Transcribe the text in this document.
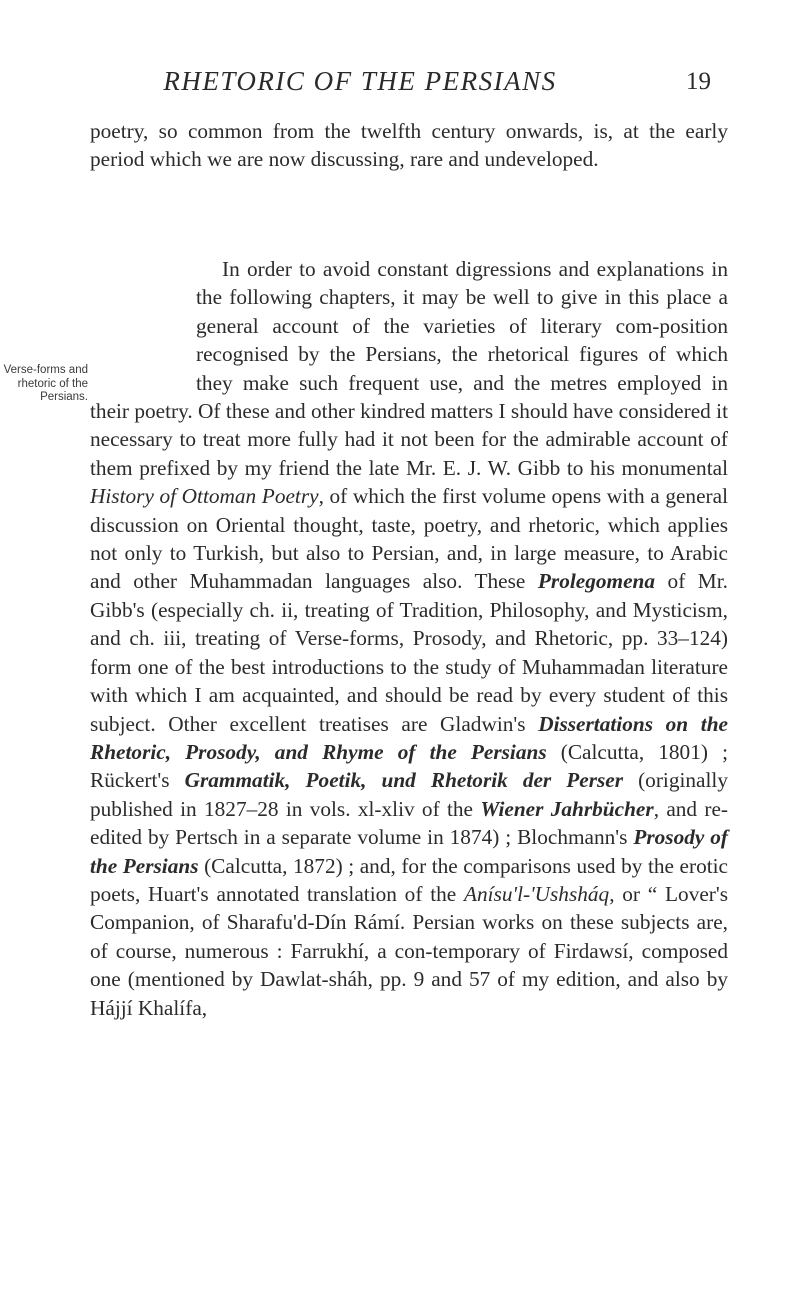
RHETORIC OF THE PERSIANS	19
Verse-forms and
rhetoric of the
Persians.

poetry, so common from the twelfth century onwards, is, at the early period which we are now discussing, rare and undeveloped.

In order to avoid constant digressions and explanations in the following chapters, it may be well to give in this place a general account of the varieties of literary com-position recognised by the Persians, the rhetorical figures of which they make such frequent use, and the metres employed in their poetry. Of these and other kindred matters I should have considered it necessary to treat more fully had it not been for the admirable account of them prefixed by my friend the late Mr. E. J. W. Gibb to his monumental History of Ottoman Poetry, of which the first volume opens with a general discussion on Oriental thought, taste, poetry, and rhetoric, which applies not only to Turkish, but also to Persian, and, in large measure, to Arabic and other Muhammadan languages also. These Prolegomena of Mr. Gibb's (especially ch. ii, treating of Tradition, Philosophy, and Mysticism, and ch. iii, treating of Verse-forms, Prosody, and Rhetoric, pp. 33–124) form one of the best introductions to the study of Muhammadan literature with which I am acquainted, and should be read by every student of this subject. Other excellent treatises are Gladwin's Dissertations on the Rhetoric, Prosody, and Rhyme of the Persians (Calcutta, 1801) ; Rückert's Grammatik, Poetik, und Rhetorik der Perser (originally published in 1827–28 in vols. xl-xliv of the Wiener Jahrbücher, and re-edited by Pertsch in a separate volume in 1874) ; Blochmann's Prosody of the Persians (Calcutta, 1872) ; and, for the comparisons used by the erotic poets, Huart's annotated translation of the Anísu'l-'Ushsháq, or “ Lover's Companion, of Sharafu'd-Dín Rámí. Persian works on these subjects are, of course, numerous : Farrukhí, a con-temporary of Firdawsí, composed one (mentioned by Dawlat-sháh, pp. 9 and 57 of my edition, and also by Hájjí Khalífa,
